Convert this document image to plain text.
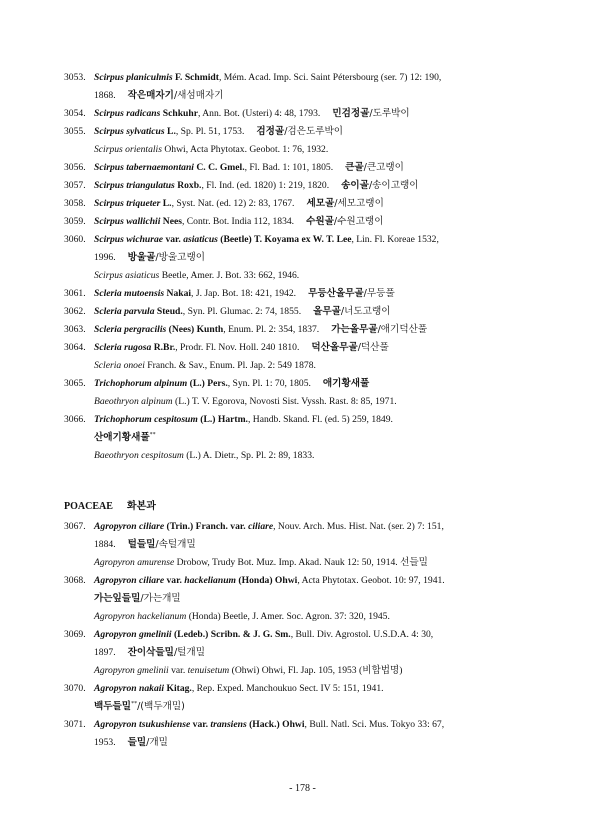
3053. Scirpus planiculmis F. Schmidt, Mém. Acad. Imp. Sci. Saint Pétersbourg (ser. 7) 12: 190,
1868. 작은매자기/새섬매자기
3054. Scirpus radicans Schkuhr, Ann. Bot. (Usteri) 4: 48, 1793. 민검정골/도루박이
3055. Scirpus sylvaticus L., Sp. Pl. 51, 1753. 검정골/검은도루박이
Scirpus orientalis Ohwi, Acta Phytotax. Geobot. 1: 76, 1932.
3056. Scirpus tabernaemontani C. C. Gmel., Fl. Bad. 1: 101, 1805. 큰골/큰고랭이
3057. Scirpus triangulatus Roxb., Fl. Ind. (ed. 1820) 1: 219, 1820. 송이골/송이고랭이
3058. Scirpus triqueter L., Syst. Nat. (ed. 12) 2: 83, 1767. 세모골/세모고랭이
3059. Scirpus wallichii Nees, Contr. Bot. India 112, 1834. 수원골/수원고랭이
3060. Scirpus wichurae var. asiaticus (Beetle) T. Koyama ex W. T. Lee, Lin. Fl. Koreae 1532,
1996. 방울골/방울고랭이
Scirpus asiaticus Beetle, Amer. J. Bot. 33: 662, 1946.
3061. Scleria mutoensis Nakai, J. Jap. Bot. 18: 421, 1942. 무등산올무골/무등풀
3062. Scleria parvula Steud., Syn. Pl. Glumac. 2: 74, 1855. 올무골/너도고랭이
3063. Scleria pergracilis (Nees) Kunth, Enum. Pl. 2: 354, 1837. 가는올무골/애기덕산풀
3064. Scleria rugosa R.Br., Prodr. Fl. Nov. Holl. 240 1810. 덕산올무골/덕산풀
Scleria onoei Franch. & Sav., Enum. Pl. Jap. 2: 549 1878.
3065. Trichophorum alpinum (L.) Pers., Syn. Pl. 1: 70, 1805. 애기황새풀
Baeothryon alpinum (L.) T. V. Egorova, Novosti Sist. Vyssh. Rast. 8: 85, 1971.
3066. Trichophorum cespitosum (L.) Hartm., Handb. Skand. Fl. (ed. 5) 259, 1849.
산애기황새풀**
Baeothryon cespitosum (L.) A. Dietr., Sp. Pl. 2: 89, 1833.
POACEAE 화본과
3067. Agropyron ciliare (Trin.) Franch. var. ciliare, Nouv. Arch. Mus. Hist. Nat. (ser. 2) 7: 151,
1884. 털들밀/속털개밀
Agropyron amurense Drobow, Trudy Bot. Muz. Imp. Akad. Nauk 12: 50, 1914. 선들밀
3068. Agropyron ciliare var. hackelianum (Honda) Ohwi, Acta Phytotax. Geobot. 10: 97, 1941.
가는잎들밀/가는개밀
Agropyron hackelianum (Honda) Beetle, J. Amer. Soc. Agron. 37: 320, 1945.
3069. Agropyron gmelinii (Ledeb.) Scribn. & J. G. Sm., Bull. Div. Agrostol. U.S.D.A. 4: 30,
1897. 잔이삭들밀/털개밀
Agropyron gmelinii var. tenuisetum (Ohwi) Ohwi, Fl. Jap. 105, 1953 (비합법명)
3070. Agropyron nakaii Kitag., Rep. Exped. Manchoukuo Sect. IV 5: 151, 1941.
백두들밀**/(백두개밀)
3071. Agropyron tsukushiense var. transiens (Hack.) Ohwi, Bull. Natl. Sci. Mus. Tokyo 33: 67,
1953. 들밀/개밀
- 178 -
